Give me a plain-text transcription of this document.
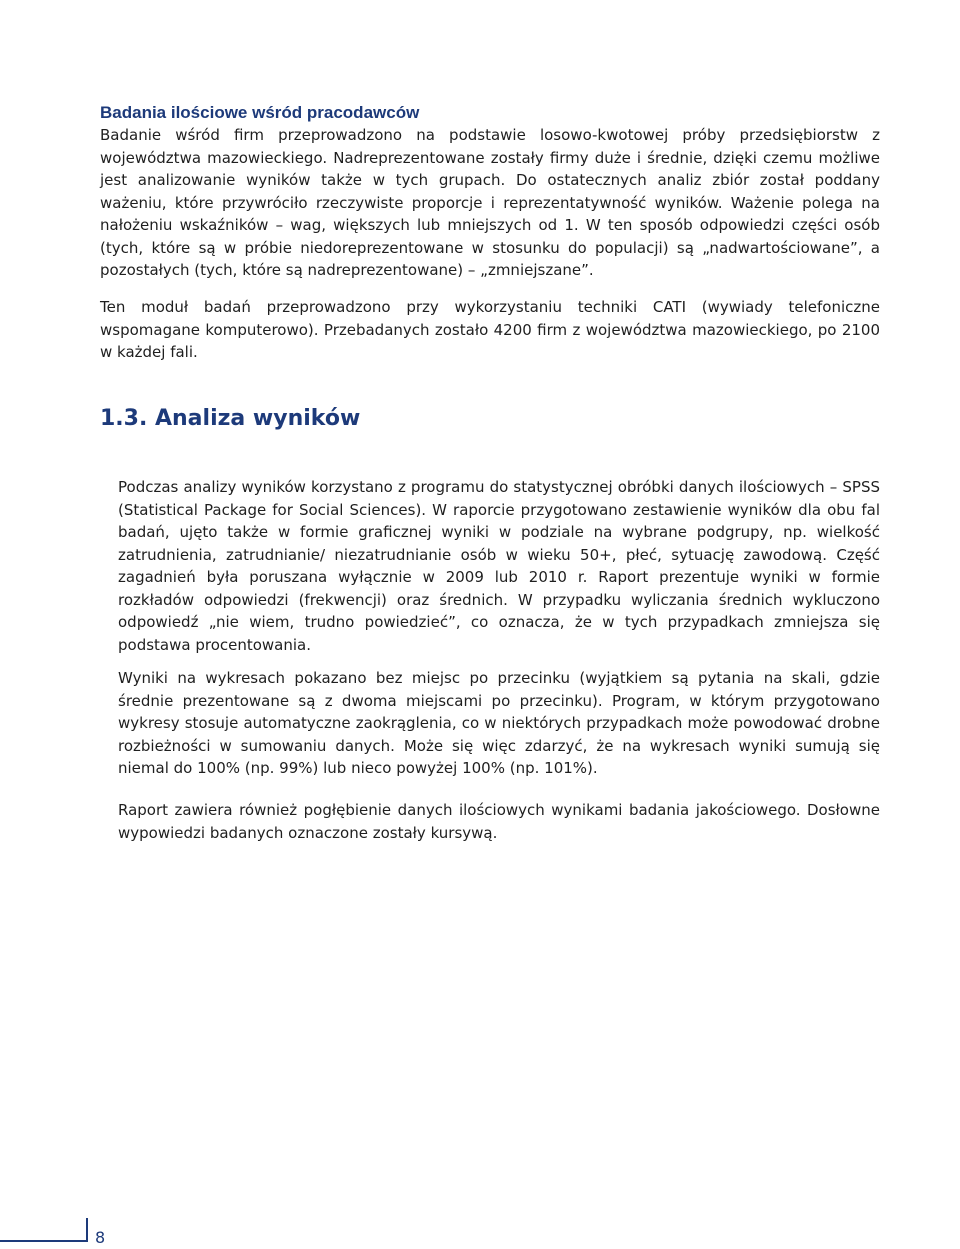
Badania ilościowe wśród pracodawców

Badanie wśród firm przeprowadzono na podstawie losowo-kwotowej próby przedsiębiorstw z województwa mazowieckiego. Nadreprezentowane zostały firmy duże i średnie, dzięki czemu możliwe jest analizowanie wyników także w tych grupach. Do ostatecznych analiz zbiór został poddany ważeniu, które przywróciło rzeczywiste proporcje i reprezentatywność wyników. Ważenie polega na nałożeniu wskaźników – wag, większych lub mniejszych od 1. W ten sposób odpowiedzi części osób (tych, które są w próbie niedoreprezentowane w stosunku do populacji) są „nadwartościowane”, a pozostałych (tych, które są nadreprezentowane) – „zmniejszane”.

Ten moduł badań przeprowadzono przy wykorzystaniu techniki CATI (wywiady telefoniczne wspomagane komputerowo). Przebadanych zostało 4200 firm z województwa mazowieckiego, po 2100 w każdej fali.

1.3. Analiza wyników

Podczas analizy wyników korzystano z programu do statystycznej obróbki danych ilościowych – SPSS (Statistical Package for Social Sciences). W raporcie przygotowano zestawienie wyników dla obu fal badań, ujęto także w formie graficznej wyniki w podziale na wybrane podgrupy, np. wielkość zatrudnienia, zatrudnianie/ niezatrudnianie osób w wieku 50+, płeć, sytuację zawodową. Część zagadnień była poruszana wyłącznie w 2009 lub 2010 r. Raport prezentuje wyniki w formie rozkładów odpowiedzi (frekwencji) oraz średnich. W przypadku wyliczania średnich wykluczono odpowiedź „nie wiem, trudno powiedzieć”, co oznacza, że w tych przypadkach zmniejsza się podstawa procentowania.

Wyniki na wykresach pokazano bez miejsc po przecinku (wyjątkiem są pytania na skali, gdzie średnie prezentowane są z dwoma miejscami po przecinku). Program, w którym przygotowano wykresy stosuje automatyczne zaokrąglenia, co w niektórych przypadkach może powodować drobne rozbieżności w sumowaniu danych. Może się więc zdarzyć, że na wykresach wyniki sumują się niemal do 100% (np. 99%) lub nieco powyżej 100% (np. 101%).

Raport zawiera również pogłębienie danych ilościowych wynikami badania jakościowego. Dosłowne wypowiedzi badanych oznaczone zostały kursywą.

8
